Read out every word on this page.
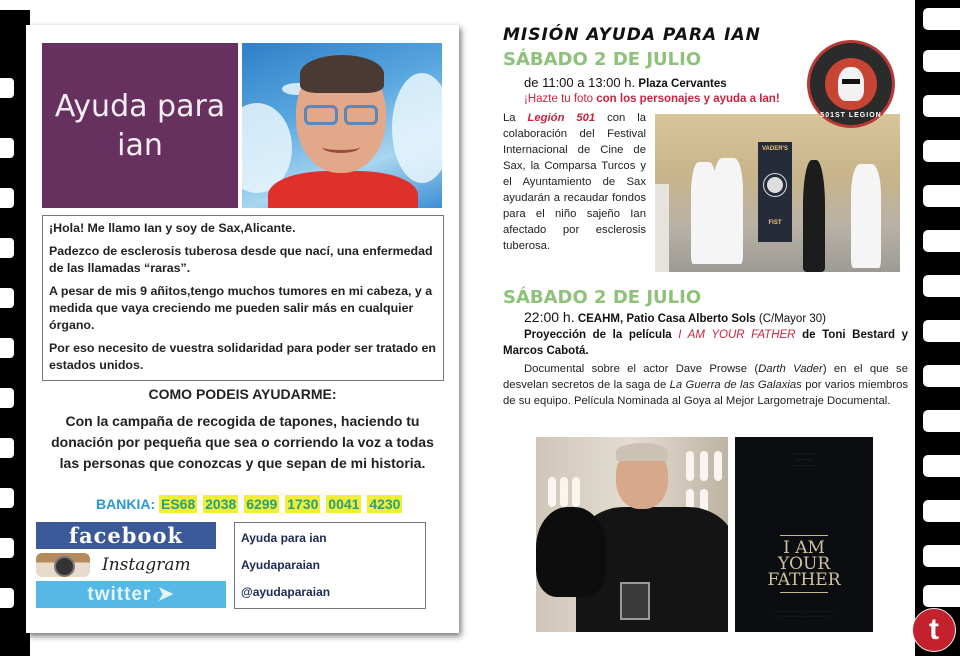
Ayuda para
ian

¡Hola! Me llamo Ian y soy de Sax,Alicante.

Padezco de esclerosis tuberosa desde que nací, una enfermedad de las llamadas “raras”.

A pesar de mis 9 añitos,tengo muchos tumores en mi cabeza, y a medida que vaya creciendo me pueden salir más en cualquier órgano.

Por eso necesito de vuestra solidaridad para poder ser tratado en estados unidos.

COMO PODEIS AYUDARME:
Con la campaña de recogida de tapones, haciendo tu donación por pequeña que sea o corriendo la voz a todas las personas que conozcas y que sepan de mi historia.
BANKIA: ES68 2038 6299 1730 0041 4230
facebook
Instagram
twitter ➤
Ayuda para ian
Ayudaparaian
@ayudaparaian
MISIÓN AYUDA PARA IAN
SÁBADO 2 DE JULIO
de 11:00 a 13:00 h. Plaza Cervantes
¡Hazte tu foto con los personajes y ayuda a Ian!
La Legión 501 con la colaboración del Festival Internacional de Cine de Sax, la Comparsa Turcos y el Ayuntamiento de Sax ayudarán a recaudar fondos para el niño sajeño Ian afectado por esclerosis tuberosa.
VADER'S
FIST
501ST LEGION
SÁBADO 2 DE JULIO
22:00 h. CEAHM, Patio Casa Alberto Sols (C/Mayor 30)
Proyección de la película I AM YOUR FATHER de Toni Bestard y Marcos Cabotá.
Documental sobre el actor Dave Prowse (Darth Vader) en el que se desvelan secretos de la saga de La Guerra de las Galaxias por varios miembros de su equipo. Película Nominada al Goya al Mejor Largometraje Documental.
· · · · · · · ·
· · · · · ·
· · · · · · · ·
I AM
YOUR
FATHER
· · · · · · · · · · · · · · · · · · · · · · · · · · · · · · ·
· · · · · · · · · · · · · · · · · · · · · · ·	t
